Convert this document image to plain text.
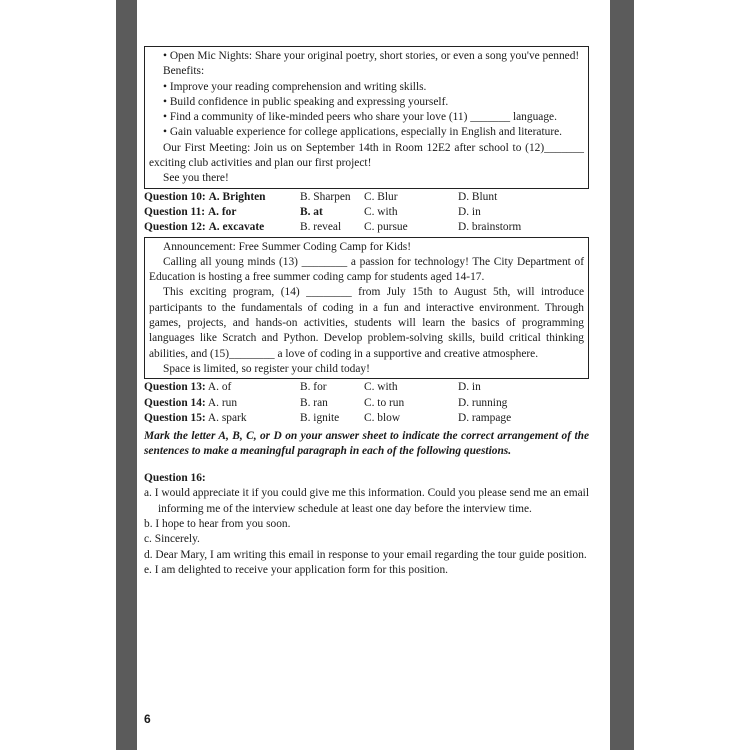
• Open Mic Nights: Share your original poetry, short stories, or even a song you've penned!

Benefits:

• Improve your reading comprehension and writing skills.

• Build confidence in public speaking and expressing yourself.

• Find a community of like-minded peers who share your love (11) _______ language.

• Gain valuable experience for college applications, especially in English and literature.

Our First Meeting: Join us on September 14th in Room 12E2 after school to (12)_______ exciting club activities and plan our first project!

See you there!

Question 10: A. Brighten	B. Sharpen	C. Blur	D. Blunt
Question 11: A. for	B. at	C. with	D. in
Question 12: A. excavate	B. reveal	C. pursue	D. brainstorm

Announcement: Free Summer Coding Camp for Kids!

Calling all young minds (13) ________ a passion for technology! The City Department of Education is hosting a free summer coding camp for students aged 14-17.

This exciting program, (14) ________ from July 15th to August 5th, will introduce participants to the fundamentals of coding in a fun and interactive environment. Through games, projects, and hands-on activities, students will learn the basics of programming languages like Scratch and Python. Develop problem-solving skills, build critical thinking abilities, and (15)________ a love of coding in a supportive and creative atmosphere.

Space is limited, so register your child today!

Question 13: A. of	B. for	C. with	D. in
Question 14: A. run	B. ran	C. to run	D. running
Question 15: A. spark	B. ignite	C. blow	D. rampage

Mark the letter A, B, C, or D on your answer sheet to indicate the correct arrangement of the sentences to make a meaningful paragraph in each of the following questions.

Question 16:

a. I would appreciate it if you could give me this information. Could you please send me an email informing me of the interview schedule at least one day before the interview time.

b. I hope to hear from you soon.

c. Sincerely.

d. Dear Mary, I am writing this email in response to your email regarding the tour guide position.

e. I am delighted to receive your application form for this position.

6
